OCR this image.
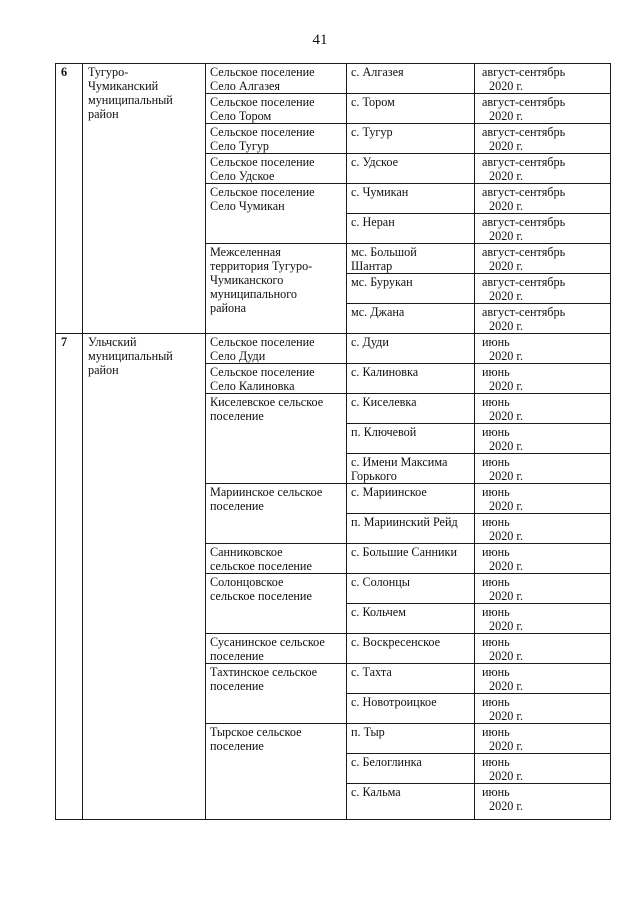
41
6	Тугуро-
Чумиканский
муниципальный
район	Сельское поселение
Село Алгазея	с. Алгазея	август-сентябрь
2020 г.

		Сельское поселение
Село Тором	с. Тором	август-сентябрь
2020 г.

		Сельское поселение
Село Тугур	с. Тугур	август-сентябрь
2020 г.

		Сельское поселение
Село Удское	с. Удское	август-сентябрь
2020 г.

		Сельское поселение
Село Чумикан	с. Чумикан	август-сентябрь
2020 г.

			с. Неран	август-сентябрь
2020 г.

		Межселенная
территория Тугуро-
Чумиканского
муниципального
района	мс. Большой
Шантар	август-сентябрь
2020 г.

			мс. Бурукан	август-сентябрь
2020 г.

			мс. Джана	август-сентябрь
2020 г.

7	Ульчский
муниципальный
район	Сельское поселение
Село Дуди	с. Дуди	июнь
2020 г.

		Сельское поселение
Село Калиновка	с. Калиновка	июнь
2020 г.

		Киселевское сельское
поселение	с. Киселевка	июнь
2020 г.

			п. Ключевой	июнь
2020 г.

			с. Имени Максима
Горького	июнь
2020 г.

		Мариинское сельское
поселение	с. Мариинское	июнь
2020 г.

			п. Мариинский Рейд	июнь
2020 г.

		Санниковское
сельское поселение	с. Большие Санники	июнь
2020 г.

		Солонцовское
сельское поселение	с. Солонцы	июнь
2020 г.

			с. Кольчем	июнь
2020 г.

		Сусанинское сельское
поселение	с. Воскресенское	июнь
2020 г.

		Тахтинское сельское
поселение	с. Тахта	июнь
2020 г.

			с. Новотроицкое	июнь
2020 г.

		Тырское сельское
поселение	п. Тыр	июнь
2020 г.

			с. Белоглинка	июнь
2020 г.

			с. Кальма	июнь
2020 г.
